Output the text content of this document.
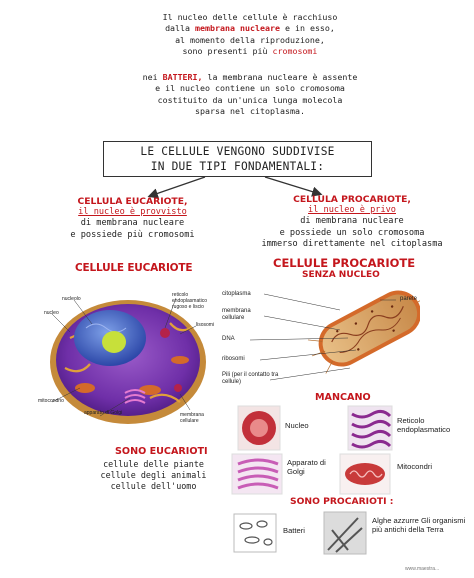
Il nucleo delle cellule è racchiuso
dalla membrana nucleare e in esso,
al momento della riproduzione,
sono presenti più cromosomi
nei BATTERI, la membrana nucleare è assente
e il nucleo contiene un solo cromosoma
costituito da un'unica lunga molecola
sparsa nel citoplasma.
LE CELLULE VENGONO SUDDIVISE
IN DUE TIPI FONDAMENTALI:
CELLULA EUCARIOTE,
il nucleo è provvisto
di membrana nucleare
e possiede più cromosomi
CELLULA PROCARIOTE,
il nucleo è privo
di membrana nucleare
e possiede un solo cromosoma
immerso direttamente nel citoplasma
CELLULE EUCARIOTE
nucleolo
nucleo
mitocondrio
apparato di Golgi
reticolo endoplasmatico rugoso e liscio
lisosomi
membrana cellulare
CELLULE PROCARIOTE
SENZA NUCLEO
citoplasma
parete
membrana cellulare
DNA
ribosomi
Pili (per il contatto tra cellule)
MANCANO
Nucleo
Reticolo endoplasmatico
Apparato di Golgi
Mitocondri
SONO EUCARIOTI
cellule delle piante
cellule degli animali
cellule dell'uomo
SONO PROCARIOTI :
Batteri
Alghe azzurre Gli organismi più antichi della Terra
www.maestra...
